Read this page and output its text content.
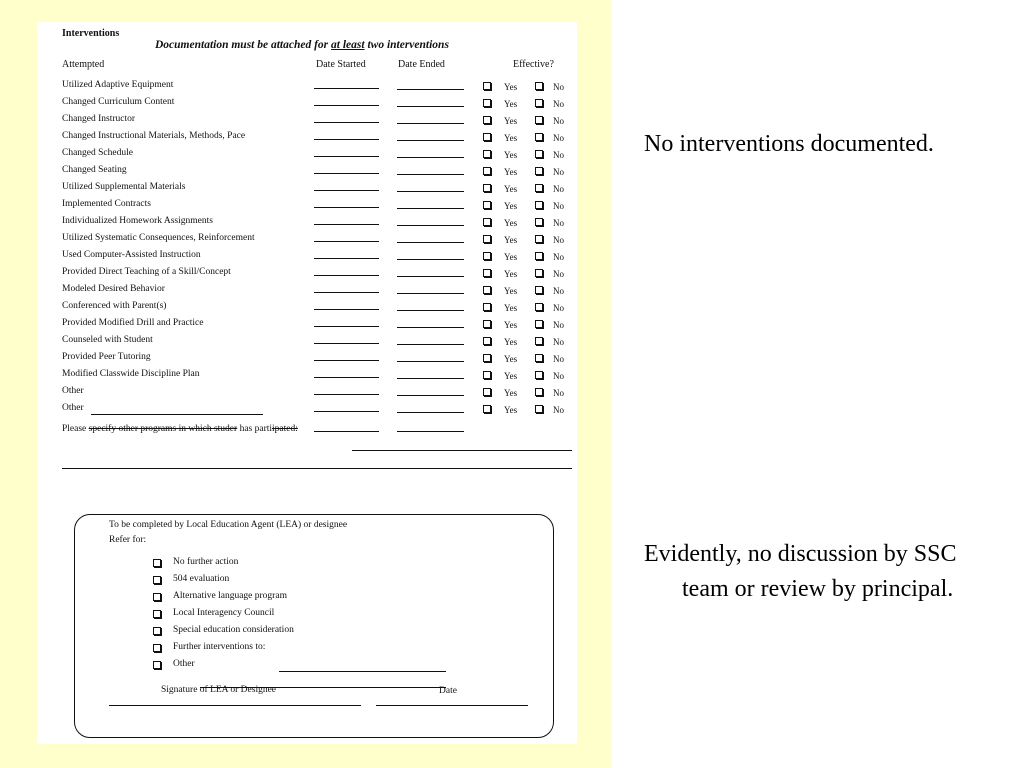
Interventions
Documentation must be attached for at least two interventions
Attempted	Date Started	Date Ended	Effective?
Utilized Adaptive Equipment	Yes	No
Changed Curriculum Content	Yes	No
Changed Instructor	Yes	No
Changed Instructional Materials, Methods, Pace	Yes	No
Changed Schedule	Yes	No
Changed Seating	Yes	No
Utilized Supplemental Materials	Yes	No
Implemented Contracts	Yes	No
Individualized Homework Assignments	Yes	No
Utilized Systematic Consequences, Reinforcement	Yes	No
Used Computer-Assisted Instruction	Yes	No
Provided Direct Teaching of a Skill/Concept	Yes	No
Modeled Desired Behavior	Yes	No
Conferenced with Parent(s)	Yes	No
Provided Modified Drill and Practice	Yes	No
Counseled with Student	Yes	No
Provided Peer Tutoring	Yes	No
Modified Classwide Discipline Plan	Yes	No
Other	Yes	No
Other	Yes	No
Please specify other programs in which studer has partiipated:
To be completed by Local Education Agent (LEA) or designee
Refer for:
No further action
504 evaluation
Alternative language program
Local Interagency Council
Special education consideration
Further interventions to:
Other
Signature of LEA or Designee	Date
No interventions documented.
Evidently, no discussion by SSC
team or review by principal.
